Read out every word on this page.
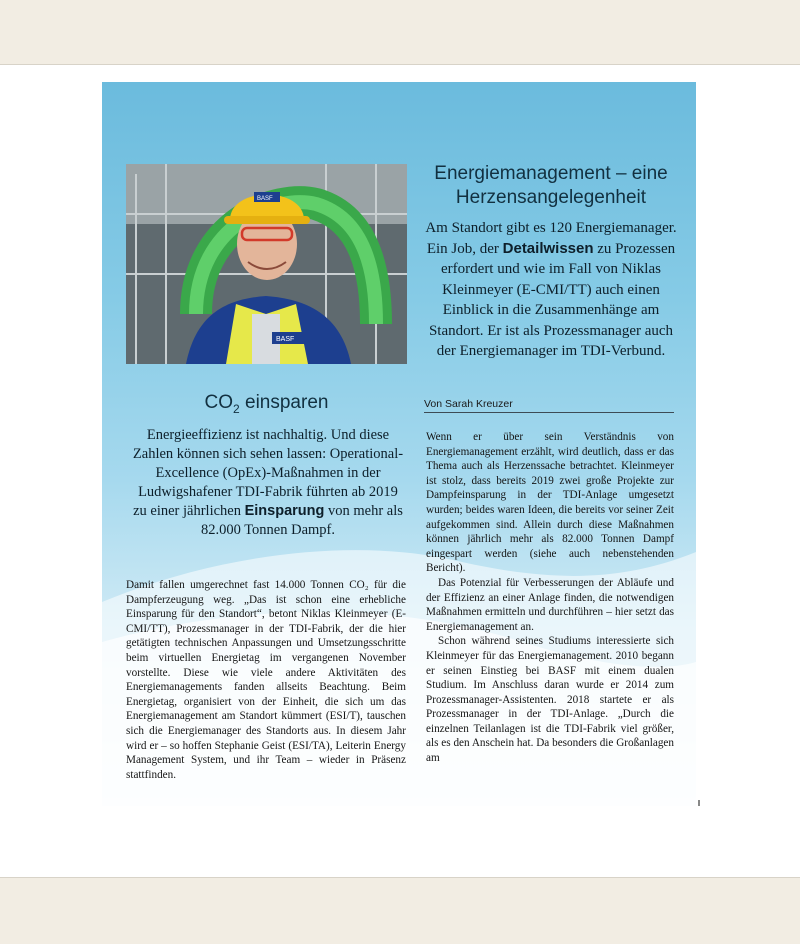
BASF
BASF
Energiemanagement – eine Herzensangelegenheit
Am Standort gibt es 120 Energiemanager. Ein Job, der Detailwissen zu Prozessen erfordert und wie im Fall von Niklas Kleinmeyer (E-CMI/TT) auch einen Einblick in die Zusammenhänge am Standort. Er ist als Prozessmanager auch der Energiemanager im TDI-Verbund.
$CO_2$ einsparen	Von Sarah Kreuzer
Energieeffizienz ist nachhaltig. Und diese Zahlen können sich sehen lassen: Operational-Excellence (OpEx)-Maßnahmen in der Ludwigshafener TDI-Fabrik führten ab 2019 zu einer jährlichen Einsparung von mehr als 82.000 Tonnen Dampf.

Damit fallen umgerechnet fast 14.000 Tonnen CO₂ für die Dampferzeugung weg. „Das ist schon eine erhebliche Einsparung für den Standort“, betont Niklas Kleinmeyer (E-CMI/TT), Prozessmanager in der TDI-Fabrik, der die hier getätigten technischen Anpassungen und Umsetzungsschritte beim virtuellen Energietag im vergangenen November vorstellte. Diese wie viele andere Aktivitäten des Energiemanagements fanden allseits Beachtung. Beim Energietag, organisiert von der Einheit, die sich um das Energiemanagement am Standort kümmert (ESI/T), tauschen sich die Energiemanager des Standorts aus. In diesem Jahr wird er – so hoffen Stephanie Geist (ESI/TA), Leiterin Energy Management System, und ihr Team – wieder in Präsenz stattfinden.

Wenn er über sein Verständnis von Energiemanagement erzählt, wird deutlich, dass er das Thema auch als Herzenssache betrachtet. Kleinmeyer ist stolz, dass bereits 2019 zwei große Projekte zur Dampfeinsparung in der TDI-Anlage umgesetzt wurden; beides waren Ideen, die bereits vor seiner Zeit aufgekommen sind. Allein durch diese Maßnahmen können jährlich mehr als 82.000 Tonnen Dampf eingespart werden (siehe auch nebenstehenden Bericht).

Das Potenzial für Verbesserungen der Abläufe und der Effizienz an einer Anlage finden, die notwendigen Maßnahmen ermitteln und durchführen – hier setzt das Energiemanagement an.

Schon während seines Studiums interessierte sich Kleinmeyer für das Energiemanagement. 2010 begann er seinen Einstieg bei BASF mit einem dualen Studium. Im Anschluss daran wurde er 2014 zum Prozessmanager-Assistenten. 2018 startete er als Prozessmanager in der TDI-Anlage. „Durch die einzelnen Teilanlagen ist die TDI-Fabrik viel größer, als es den Anschein hat. Da besonders die Großanlagen am
